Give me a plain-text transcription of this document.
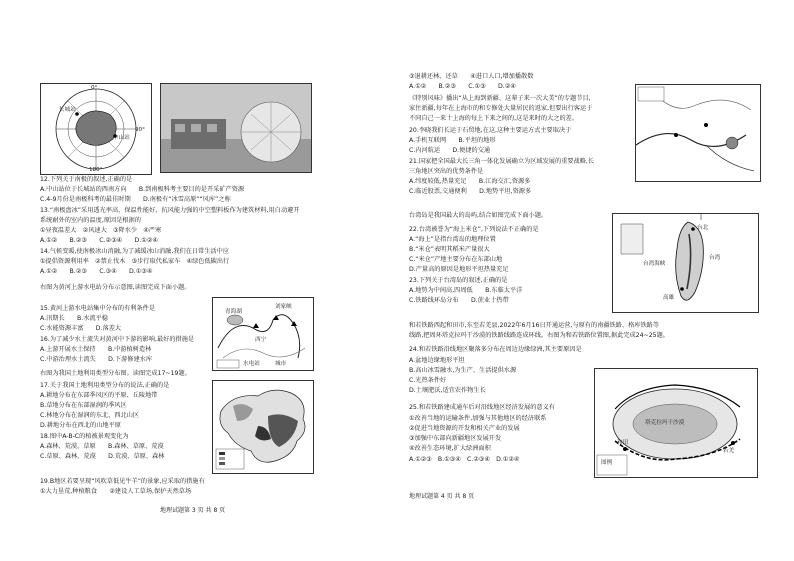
中山站
长城站
90°
0°
180°
12.下列关于南极的叙述,正确的是
A.中山站位于长城站的西南方向　　B.到南极科考主要目的是开采矿产资源
C.4-9月份是南极科考的最佳时期　　D.南极有“冰雪高原”“风库”之称
13.“南极盘冰”采用透光率高、保温性能好、抗风能力强的中空塑料板作为建筑材料,用白动避开
系统耐外的室内的温度,原因是根据的
①昼夜温差大　②风速大　③降水少　④严寒
A.①②　　B.②③　　C.②③④　　D.①②④
14.气候变暖,使南极冰山消融,为了减缓冰山消融,我们在日常生活中应
①提倡资源利用率　②禁止伐木　③步行取代私家车　④绿色低碳出行
A.①②　　B.②③　　C.③④　　D.①③④
右图为黄河上游水电站分布示意图,读图完成下面小题。
西宁
青海湖
刘家峡
水电站	城市
15.黄河上游水电站集中分布的有利条件是
A.汛期长　　B.水流平稳
C.水能资源丰富　　D.落差大
16.为了减少水土流失对黄河中下游的影响,最好的措施是
A.上游开展水土保持　　B.中游植树造林
C.中游治理水土流失　　D.下游修建水库
右图为我国土地利用类型分布图。读图完成17~19题。
17.关于我国土地利用类型分布的说法,正确的是
A.耕地分布在东部季风区的平原、丘陵地带
B.草地分布在东部湿润的季风区
C.林地分布在湿润的东北、西北山区
D.耕地分布在西北的山地平原
18.图中A-B-C的植被景观变化为
A.森林、荒漠、草原　　B.森林、草原、荒漠
C.草原、森林、荒漠　　D.荒漠、草原、森林
19.B地区若要呈现“风吹草低见牛羊”的景象,应采取的措施有
①大力垦荒,种植粮食　　②建设人工草场,保护天然草场
地理试题第 3 页 共 8 页
③退耕还林、还草　　④进口人口,增加播散数
A.①②　　B.②③　　C.①③　　D.②④
《特别风味》播出“从上海到新疆、这辈子来一次大美”的专题节目,
家住新疆,每年在上海市的和专修处大量居民的返家,但要出行客运于
不同自己一来十上海的每上下来之间的,这是来时的大之的差。
20.李晓我们长运于石贸地,在这,这种主要运方式主要取决于
A.手机互联网　　B.平坦的地形
C.内河航运　　D.便捷的交通
21.国家把全国最大长三角一体化发展确立为区域发展的重要战略,长
三角地区突出的优势条件是
A.纬度较低,热量充足　　B.江海交汇,资源多
C.临近股票,交通便利　　D.地势平坦,资源多
台湾岛是我国最大的岛屿,结合如图完成下面小题。
台湾海峡
台北
高雄
台湾
22.台湾被誉为“海上米仓”,下列说法不正确的是
A.“海上”是指台湾岛的地理位置
B.“米仓”表明其稻米产量很大
C.“米仓”产地主要分布在东部山地
D.产量高的原因是地形平坦热量充足
23.下列关于台湾岛的叙述,正确的是
A.地势为中间高,四周低　　B.东临太平洋
C.铁路线环岛分布　　D.蔗业十热带
和若铁路西起和田市,东至若羌县,2022年6月16日开通运营,与原有的南疆铁路、格库铁路等
线路,把周环塔克拉玛干沙漠的铁路线路连成环线。右图为和若铁路位置图,据此完成24~25题。
24.和若铁路沿线地区聚落多分布在周边边缘绿洲,其主要原因是
A.盆地边缘地形平坦
B.高山冰雪融水,为生产、生活提供水源
C.光热条件好
D.土壤肥沃,适宜农作物生长
若羌
和田
塔克拉玛干沙漠
图例
25.和若铁路建成通车后对沿线地区经济发展的意义有
①改善当地的运输条件,加强与其他地区的经济联系
②促进当地资源的开发和相关产业的发展
③加强中东部向新疆地区发展开发
④改善生态环境,扩大绿洲面积
A.①②③　B.①③④　C.②③④　D.①②④
地理试题第 4 页 共 8 页
